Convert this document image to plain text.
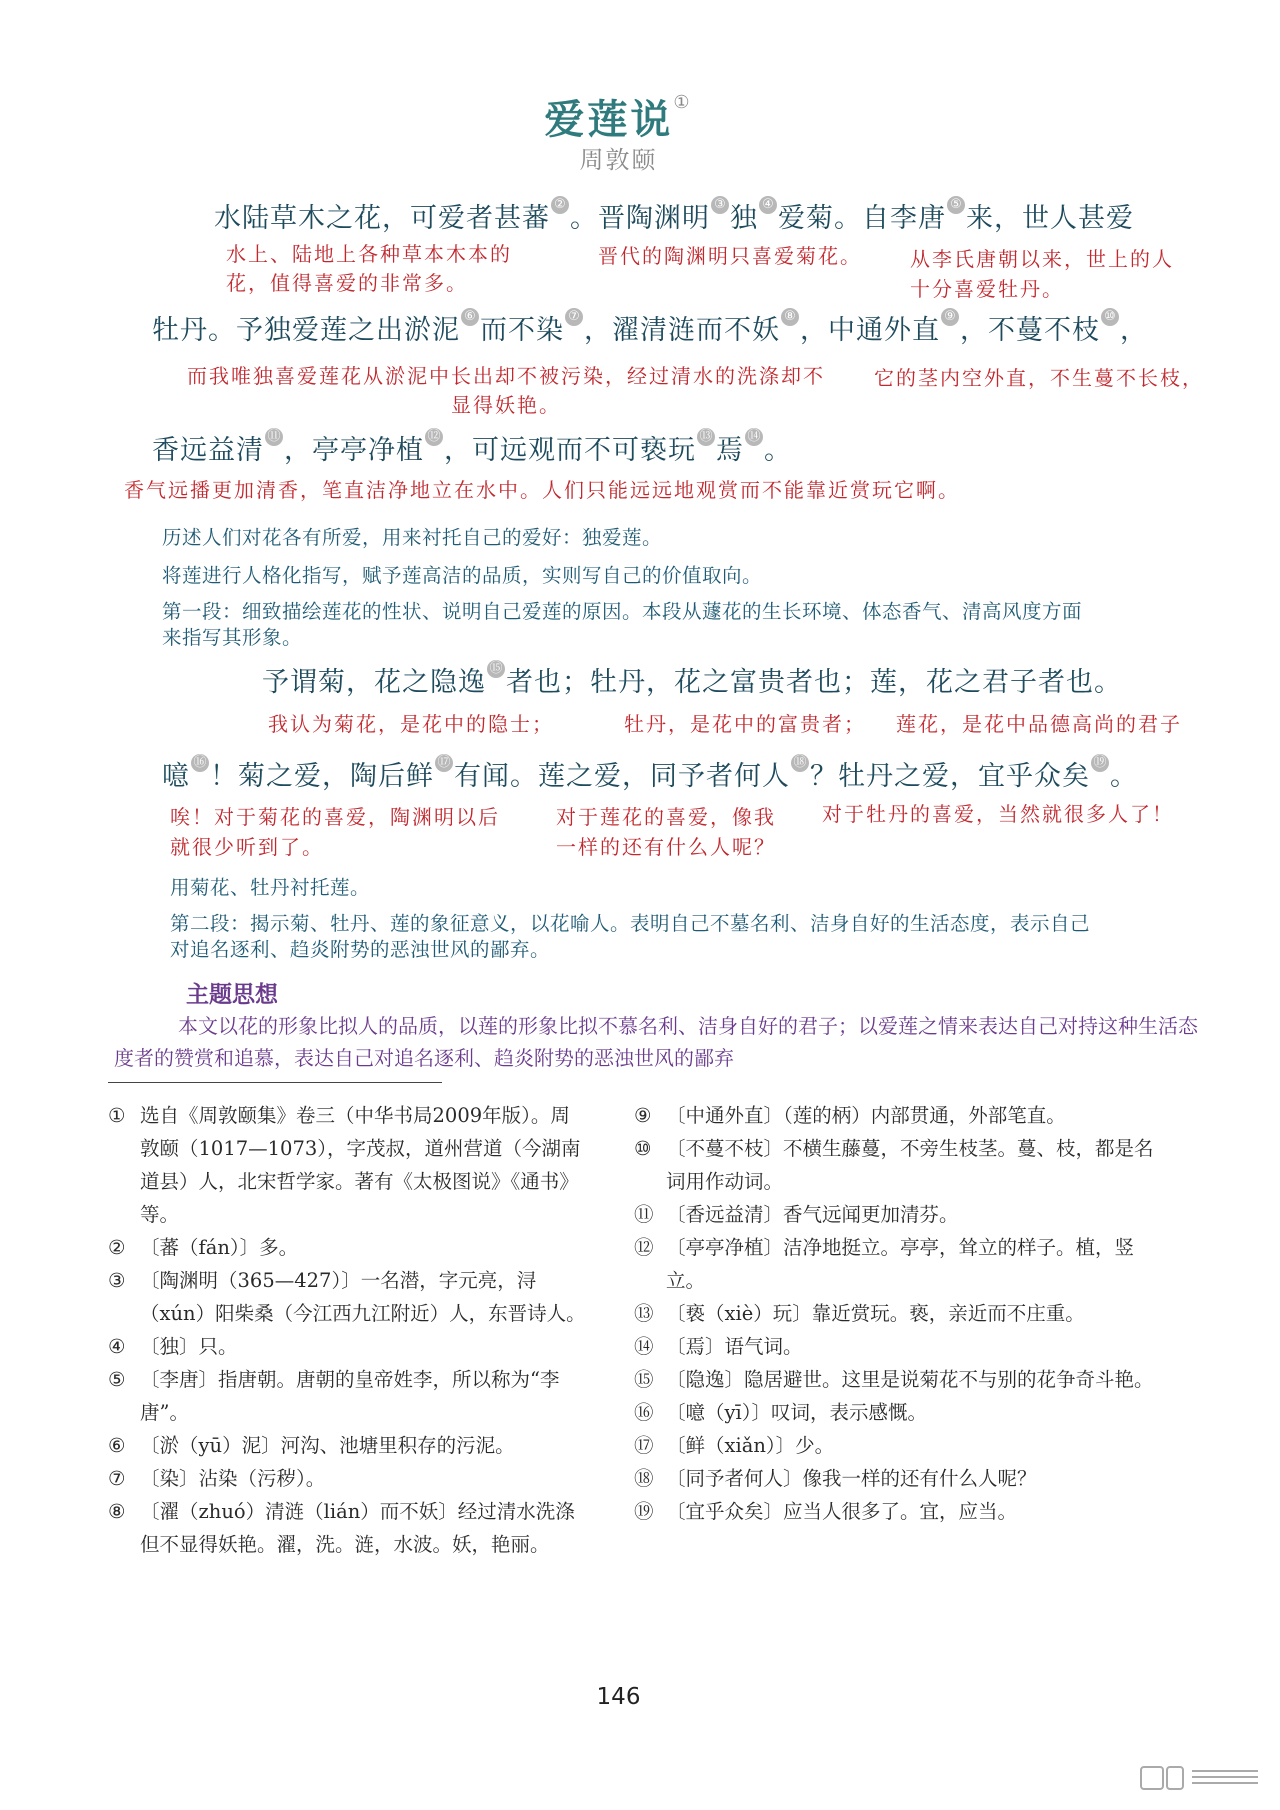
爱莲说①
周敦颐
水陆草木之花，可爱者甚蕃 ② 。晋陶渊明 ③ 独 ④ 爱菊。自李唐 ⑤ 来，世人甚爱
水上、陆地上各种草本木本的
花，值得喜爱的非常多。
晋代的陶渊明只喜爱菊花。 从李氏唐朝以来，世上的人
十分喜爱牡丹。
牡丹。予独爱莲之出淤泥 ⑥ 而不染 ⑦ ，濯清涟而不妖 ⑧ ，中通外直 ⑨ ，不蔓不枝 ⑩ ，
而我唯独喜爱莲花从淤泥中长出却不被污染，经过清水的洗涤却不
显得妖艳。
它的茎内空外直，不生蔓不长枝，
香远益清 ⑪ ，亭亭净植 ⑫ ，可远观而不可亵玩 ⑬ 焉 ⑭ 。
香气远播更加清香，笔直洁净地立在水中。人们只能远远地观赏而不能靠近赏玩它啊。
历述人们对花各有所爱，用来衬托自己的爱好：独爱莲。
将莲进行人格化指写，赋予莲高洁的品质，实则写自己的价值取向。
第一段：细致描绘莲花的性状、说明自己爱莲的原因。本段从蘧花的生长环境、体态香气、清高风度方面
来指写其形象。
予谓菊，花之隐逸 ⑮ 者也；牡丹，花之富贵者也；莲，花之君子者也。
我认为菊花，是花中的隐士；	牡丹，是花中的富贵者； 莲花，是花中品德高尚的君子
噫 ⑯ ！菊之爱，陶后鲜 ⑰ 有闻。莲之爱，同予者何人 ⑱ ？牡丹之爱，宜乎众矣 ⑲ 。
唉！对于菊花的喜爱，陶渊明以后
就很少听到了。
对于莲花的喜爱，像我
一样的还有什么人呢？
对于牡丹的喜爱，当然就很多人了！
用菊花、牡丹衬托莲。
第二段：揭示菊、牡丹、莲的象征意义，以花喻人。表明自己不墓名利、洁身自好的生活态度，表示自己
对追名逐利、趋炎附势的恶浊世风的鄙弃。
主题思想
本文以花的形象比拟人的品质，以莲的形象比拟不慕名利、洁身自好的君子；以爱莲之情来表达自己对持这种生活态度者的赞赏和追慕，表达自己对追名逐利、趋炎附势的恶浊世风的鄙弃
① 选自《周敦颐集》卷三（中华书局2009年版）。周敦颐（1017—1073），字茂叔，道州营道（今湖南道县）人，北宋哲学家。著有《太极图说》《通书》等。
② 〔蕃（fán）〕多。
③ 〔陶渊明（365—427）〕一名潜，字元亮，浔（xún）阳柴桑（今江西九江附近）人，东晋诗人。
④ 〔独〕只。
⑤ 〔李唐〕指唐朝。唐朝的皇帝姓李，所以称为“李唐”。
⑥ 〔淤（yū）泥〕河沟、池塘里积存的污泥。
⑦ 〔染〕沾染（污秽）。
⑧ 〔濯（zhuó）清涟（lián）而不妖〕经过清水洗涤但不显得妖艳。濯，洗。涟，水波。妖，艳丽。
⑨ 〔中通外直〕（莲的柄）内部贯通，外部笔直。
⑩ 〔不蔓不枝〕不横生藤蔓，不旁生枝茎。蔓、枝，都是名词用作动词。
⑪ 〔香远益清〕香气远闻更加清芬。
⑫ 〔亭亭净植〕洁净地挺立。亭亭，耸立的样子。植，竖立。
⑬ 〔亵（xiè）玩〕靠近赏玩。亵，亲近而不庄重。
⑭ 〔焉〕语气词。
⑮ 〔隐逸〕隐居避世。这里是说菊花不与别的花争奇斗艳。
⑯ 〔噫（yī）〕叹词，表示感慨。
⑰ 〔鲜（xiǎn）〕少。
⑱ 〔同予者何人〕像我一样的还有什么人呢？
⑲ 〔宜乎众矣〕应当人很多了。宜，应当。
146
